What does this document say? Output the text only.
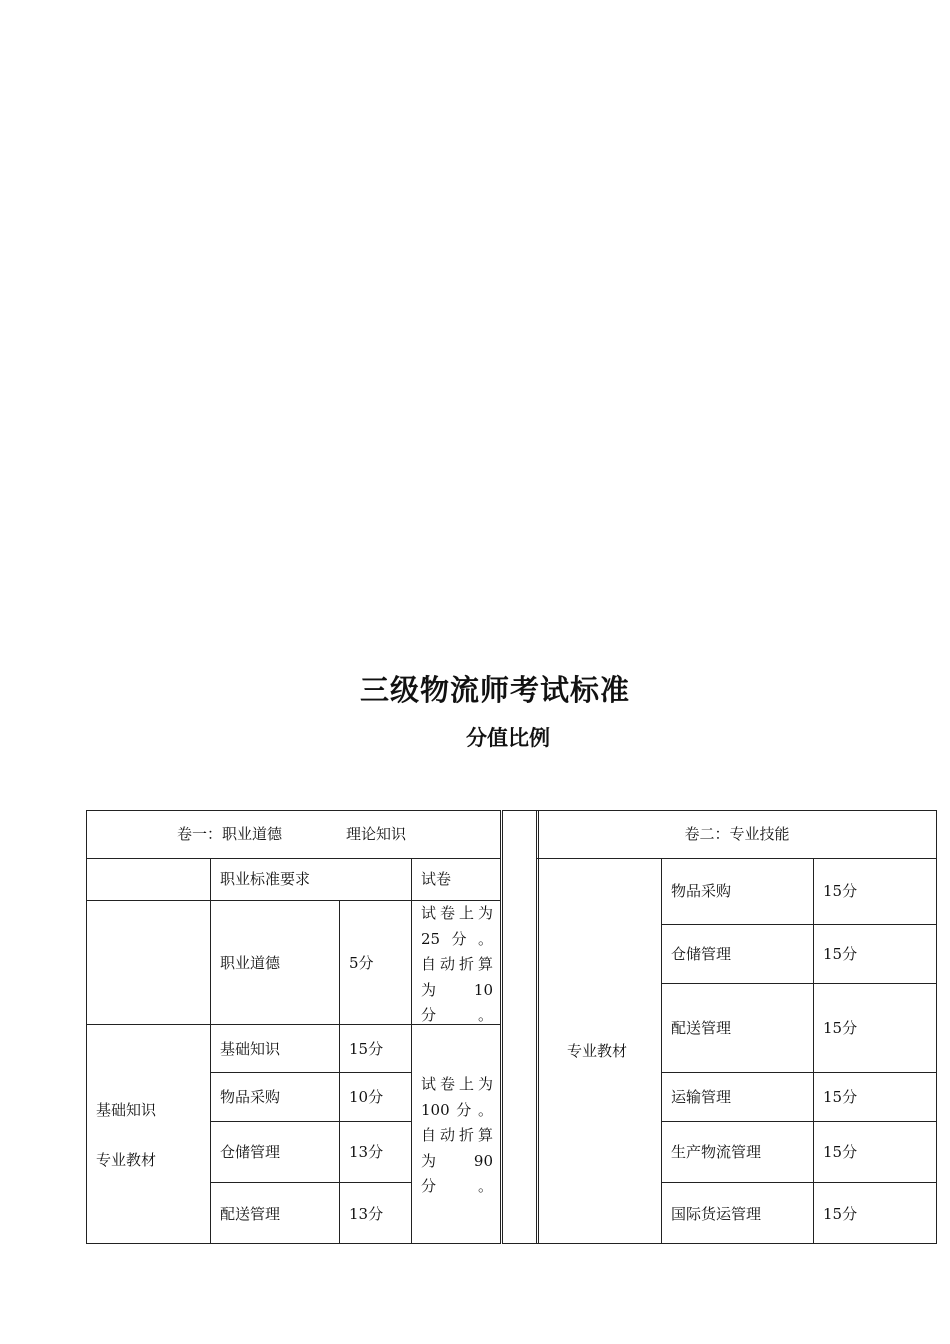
三级物流师考试标准
分值比例
卷一：职业道德	理论知识
职业标准要求	试卷
职业道德	5分
试卷上为
25分。
自动折算
为　　10
分。
基础知识
专业教材
基础知识	15分
物品采购	10分
仓储管理	13分
配送管理	13分
试卷上为
100分。
自动折算
为　　90
分。
卷二：专业技能
专业教材
物品采购	15分
仓储管理	15分
配送管理	15分
运输管理	15分
生产物流管理	15分
国际货运管理	15分
